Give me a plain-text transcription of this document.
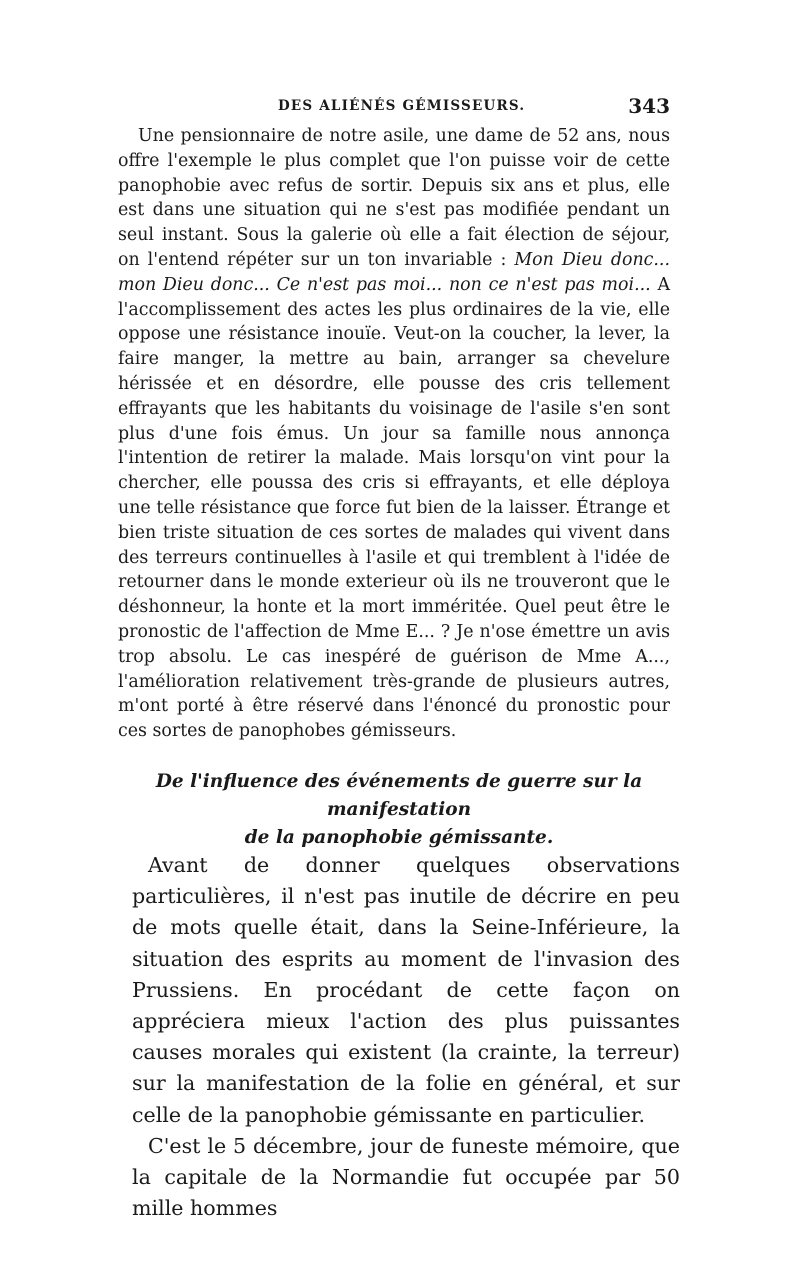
DES ALIÉNÉS GÉMISSEURS.	343

Une pensionnaire de notre asile, une dame de 52 ans, nous offre l'exemple le plus complet que l'on puisse voir de cette panophobie avec refus de sortir. Depuis six ans et plus, elle est dans une situation qui ne s'est pas modifiée pendant un seul instant. Sous la galerie où elle a fait élection de séjour, on l'entend répéter sur un ton invariable : Mon Dieu donc... mon Dieu donc... Ce n'est pas moi... non ce n'est pas moi... A l'accomplissement des actes les plus ordinaires de la vie, elle oppose une résistance inouïe. Veut-on la coucher, la lever, la faire manger, la mettre au bain, arranger sa chevelure hérissée et en désordre, elle pousse des cris tellement effrayants que les habitants du voisinage de l'asile s'en sont plus d'une fois émus. Un jour sa famille nous annonça l'intention de retirer la malade. Mais lorsqu'on vint pour la chercher, elle poussa des cris si effrayants, et elle déploya une telle résistance que force fut bien de la laisser. Étrange et bien triste situation de ces sortes de malades qui vivent dans des terreurs continuelles à l'asile et qui tremblent à l'idée de retourner dans le monde exterieur où ils ne trouveront que le déshonneur, la honte et la mort imméritée. Quel peut être le pronostic de l'affection de Mme E... ? Je n'ose émettre un avis trop absolu. Le cas inespéré de guérison de Mme A..., l'amélioration relativement très-grande de plusieurs autres, m'ont porté à être réservé dans l'énoncé du pronostic pour ces sortes de panophobes gémisseurs.

De l'influence des événements de guerre sur la manifestation
de la panophobie gémissante.

Avant de donner quelques observations particulières, il n'est pas inutile de décrire en peu de mots quelle était, dans la Seine-Inférieure, la situation des esprits au moment de l'invasion des Prussiens. En procédant de cette façon on appréciera mieux l'action des plus puissantes causes morales qui existent (la crainte, la terreur) sur la manifestation de la folie en général, et sur celle de la panophobie gémissante en particulier.

C'est le 5 décembre, jour de funeste mémoire, que la capitale de la Normandie fut occupée par 50 mille hommes
